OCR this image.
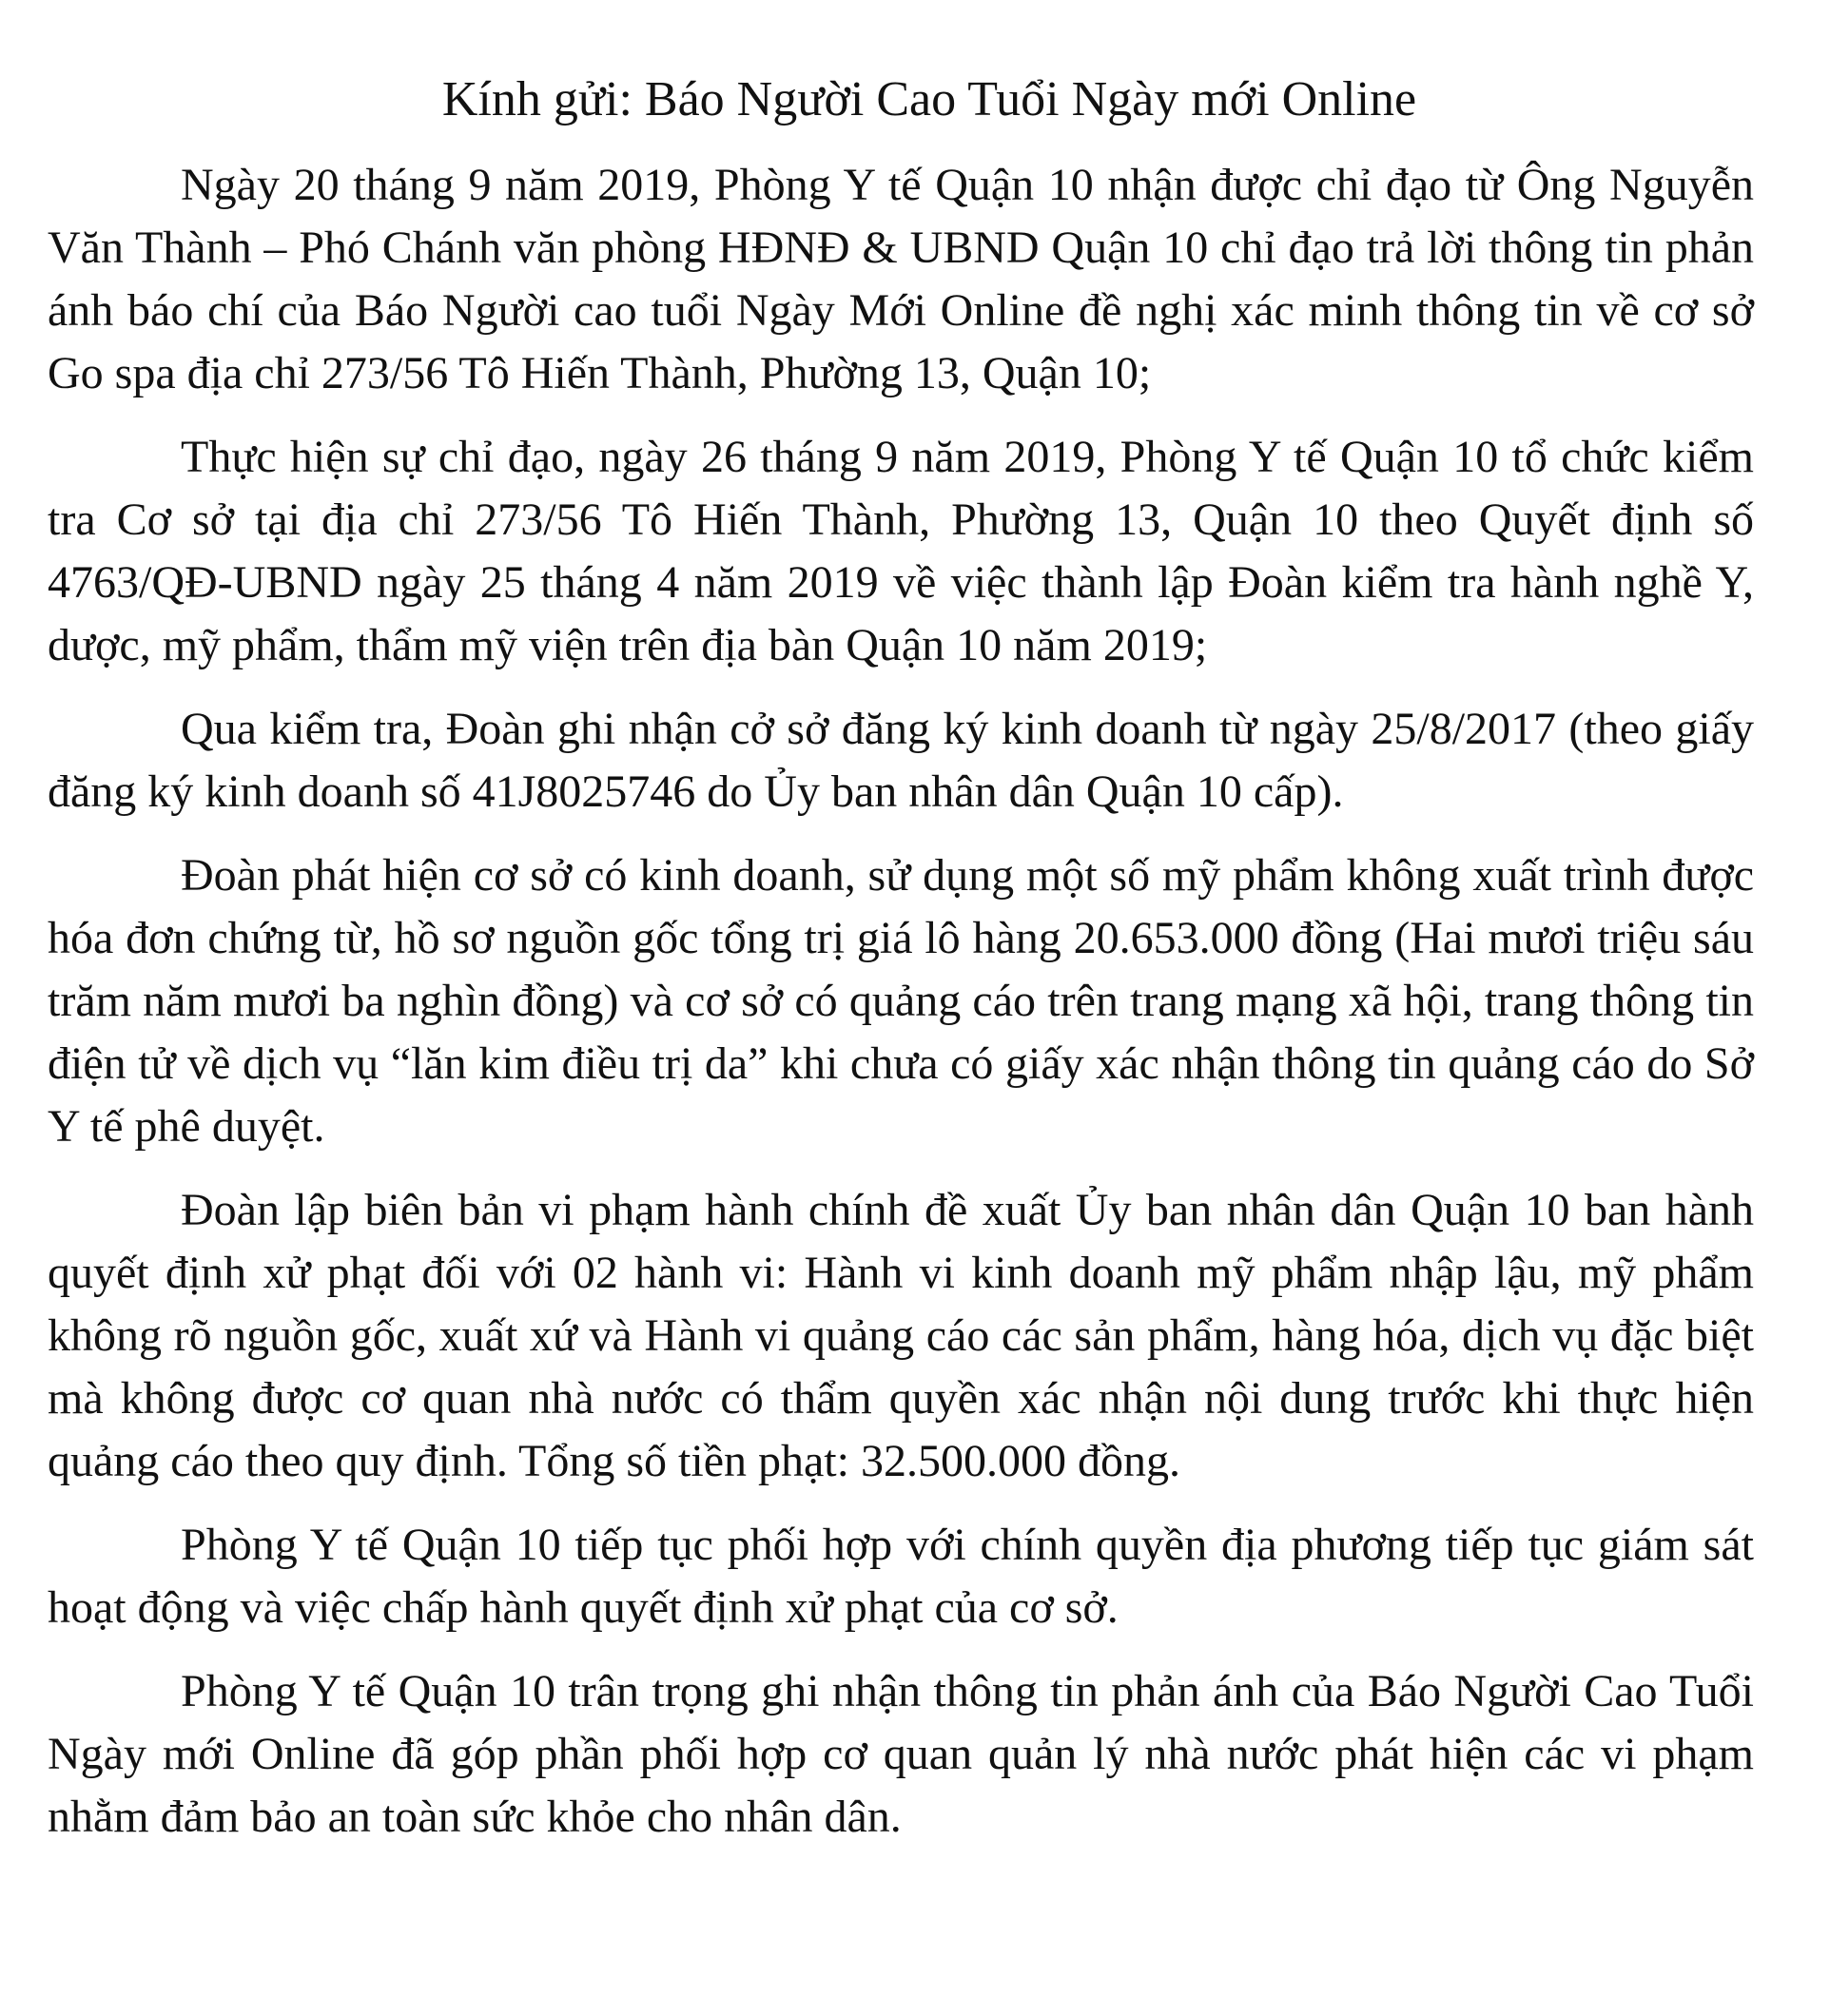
Kính gửi: Báo Người Cao Tuổi Ngày mới Online

Ngày 20 tháng 9 năm 2019, Phòng Y tế Quận 10 nhận được chỉ đạo từ Ông Nguyễn Văn Thành – Phó Chánh văn phòng HĐNĐ & UBND Quận 10 chỉ đạo trả lời thông tin phản ánh báo chí của Báo Người cao tuổi Ngày Mới Online đề nghị xác minh thông tin về cơ sở Go spa địa chỉ 273/56 Tô Hiến Thành, Phường 13, Quận 10;

Thực hiện sự chỉ đạo, ngày 26 tháng 9 năm 2019, Phòng Y tế Quận 10 tổ chức kiểm tra Cơ sở tại địa chỉ 273/56 Tô Hiến Thành, Phường 13, Quận 10 theo Quyết định số 4763/QĐ-UBND ngày 25 tháng 4 năm 2019 về việc thành lập Đoàn kiểm tra hành nghề Y, dược, mỹ phẩm, thẩm mỹ viện trên địa bàn Quận 10 năm 2019;

Qua kiểm tra, Đoàn ghi nhận cở sở đăng ký kinh doanh từ ngày 25/8/2017 (theo giấy đăng ký kinh doanh số 41J8025746 do Ủy ban nhân dân Quận 10 cấp).

Đoàn phát hiện cơ sở có kinh doanh, sử dụng một số mỹ phẩm không xuất trình được hóa đơn chứng từ, hồ sơ nguồn gốc tổng trị giá lô hàng 20.653.000 đồng (Hai mươi triệu sáu trăm năm mươi ba nghìn đồng) và cơ sở có quảng cáo trên trang mạng xã hội, trang thông tin điện tử về dịch vụ “lăn kim điều trị da” khi chưa có giấy xác nhận thông tin quảng cáo do Sở Y tế phê duyệt.

Đoàn lập biên bản vi phạm hành chính đề xuất Ủy ban nhân dân Quận 10 ban hành quyết định xử phạt đối với 02 hành vi: Hành vi kinh doanh mỹ phẩm nhập lậu, mỹ phẩm không rõ nguồn gốc, xuất xứ và Hành vi quảng cáo các sản phẩm, hàng hóa, dịch vụ đặc biệt mà không được cơ quan nhà nước có thẩm quyền xác nhận nội dung trước khi thực hiện quảng cáo theo quy định. Tổng số tiền phạt: 32.500.000 đồng.

Phòng Y tế Quận 10 tiếp tục phối hợp với chính quyền địa phương tiếp tục giám sát hoạt động và việc chấp hành quyết định xử phạt của cơ sở.

Phòng Y tế Quận 10 trân trọng ghi nhận thông tin phản ánh của Báo Người Cao Tuổi Ngày mới Online đã góp phần phối hợp cơ quan quản lý nhà nước phát hiện các vi phạm nhằm đảm bảo an toàn sức khỏe cho nhân dân.
